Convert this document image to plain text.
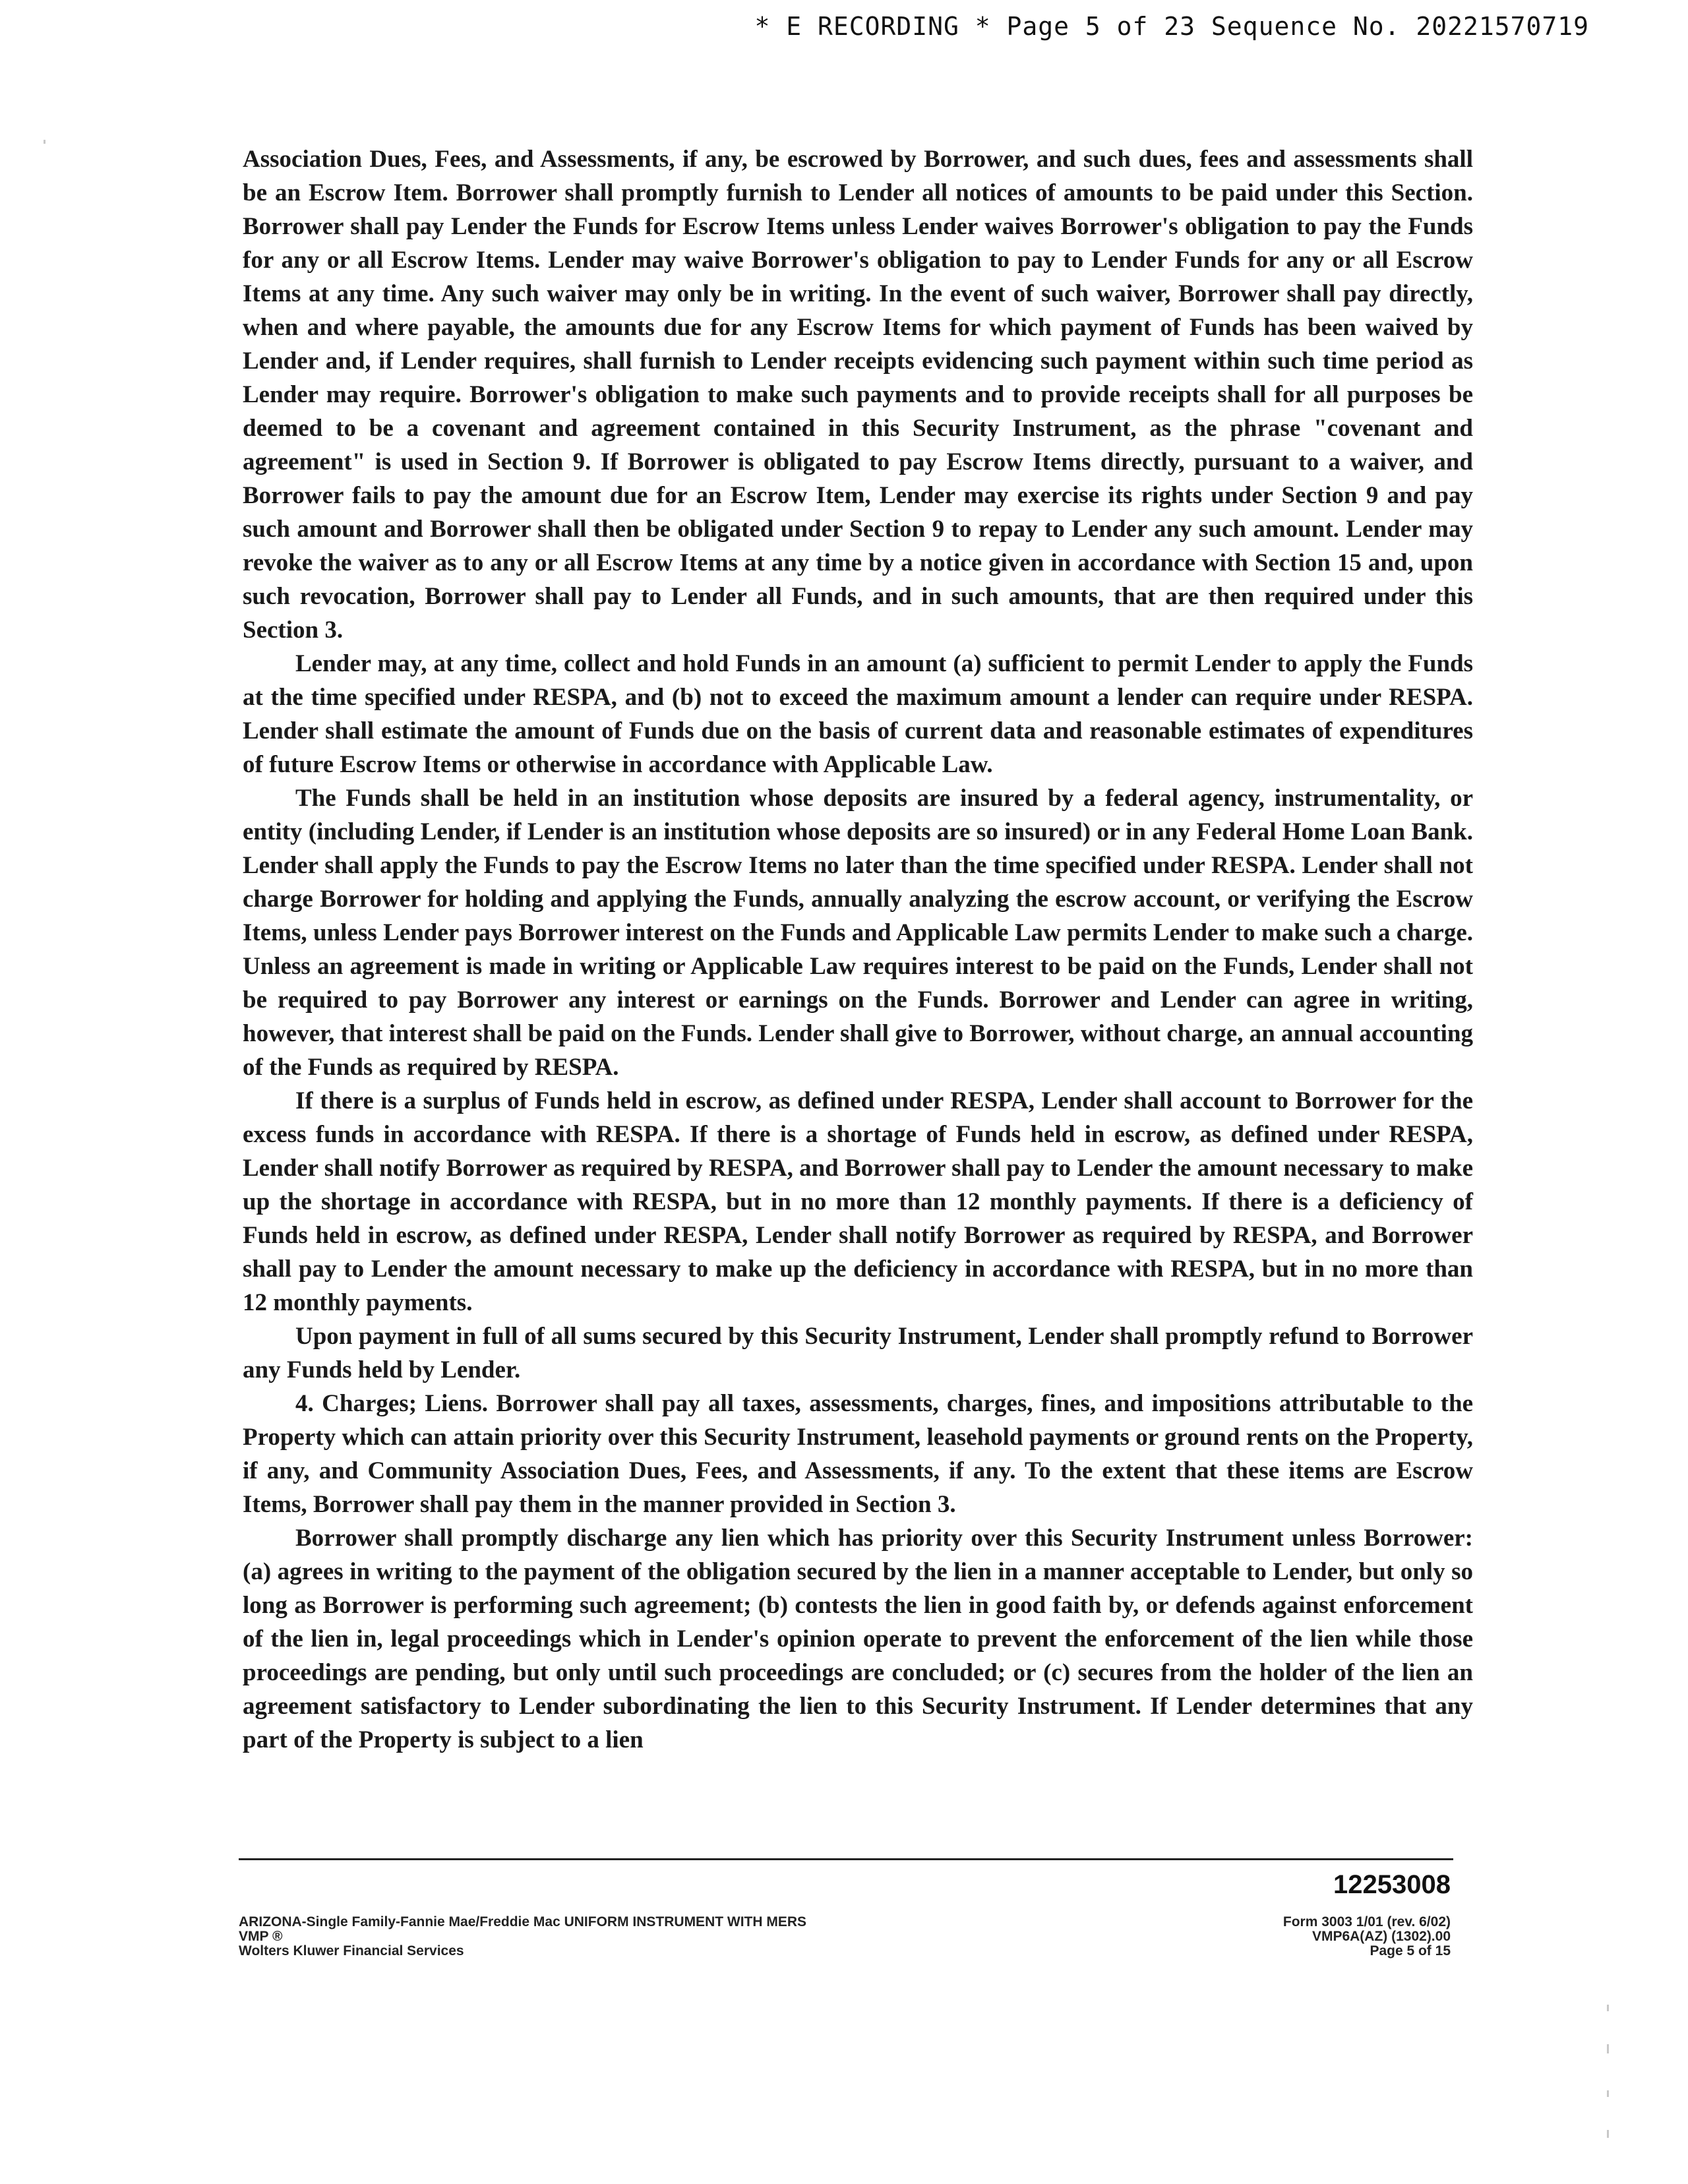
* E RECORDING * Page 5 of 23 Sequence No. 20221570719

Association Dues, Fees, and Assessments, if any, be escrowed by Borrower, and such dues, fees and assessments shall be an Escrow Item. Borrower shall promptly furnish to Lender all notices of amounts to be paid under this Section. Borrower shall pay Lender the Funds for Escrow Items unless Lender waives Borrower's obligation to pay the Funds for any or all Escrow Items. Lender may waive Borrower's obligation to pay to Lender Funds for any or all Escrow Items at any time. Any such waiver may only be in writing. In the event of such waiver, Borrower shall pay directly, when and where payable, the amounts due for any Escrow Items for which payment of Funds has been waived by Lender and, if Lender requires, shall furnish to Lender receipts evidencing such payment within such time period as Lender may require. Borrower's obligation to make such payments and to provide receipts shall for all purposes be deemed to be a covenant and agreement contained in this Security Instrument, as the phrase "covenant and agreement" is used in Section 9. If Borrower is obligated to pay Escrow Items directly, pursuant to a waiver, and Borrower fails to pay the amount due for an Escrow Item, Lender may exercise its rights under Section 9 and pay such amount and Borrower shall then be obligated under Section 9 to repay to Lender any such amount. Lender may revoke the waiver as to any or all Escrow Items at any time by a notice given in accordance with Section 15 and, upon such revocation, Borrower shall pay to Lender all Funds, and in such amounts, that are then required under this Section 3.

Lender may, at any time, collect and hold Funds in an amount (a) sufficient to permit Lender to apply the Funds at the time specified under RESPA, and (b) not to exceed the maximum amount a lender can require under RESPA. Lender shall estimate the amount of Funds due on the basis of current data and reasonable estimates of expenditures of future Escrow Items or otherwise in accordance with Applicable Law.

The Funds shall be held in an institution whose deposits are insured by a federal agency, instrumentality, or entity (including Lender, if Lender is an institution whose deposits are so insured) or in any Federal Home Loan Bank. Lender shall apply the Funds to pay the Escrow Items no later than the time specified under RESPA. Lender shall not charge Borrower for holding and applying the Funds, annually analyzing the escrow account, or verifying the Escrow Items, unless Lender pays Borrower interest on the Funds and Applicable Law permits Lender to make such a charge. Unless an agreement is made in writing or Applicable Law requires interest to be paid on the Funds, Lender shall not be required to pay Borrower any interest or earnings on the Funds. Borrower and Lender can agree in writing, however, that interest shall be paid on the Funds. Lender shall give to Borrower, without charge, an annual accounting of the Funds as required by RESPA.

If there is a surplus of Funds held in escrow, as defined under RESPA, Lender shall account to Borrower for the excess funds in accordance with RESPA. If there is a shortage of Funds held in escrow, as defined under RESPA, Lender shall notify Borrower as required by RESPA, and Borrower shall pay to Lender the amount necessary to make up the shortage in accordance with RESPA, but in no more than 12 monthly payments. If there is a deficiency of Funds held in escrow, as defined under RESPA, Lender shall notify Borrower as required by RESPA, and Borrower shall pay to Lender the amount necessary to make up the deficiency in accordance with RESPA, but in no more than 12 monthly payments.

Upon payment in full of all sums secured by this Security Instrument, Lender shall promptly refund to Borrower any Funds held by Lender.

4. Charges; Liens. Borrower shall pay all taxes, assessments, charges, fines, and impositions attributable to the Property which can attain priority over this Security Instrument, leasehold payments or ground rents on the Property, if any, and Community Association Dues, Fees, and Assessments, if any. To the extent that these items are Escrow Items, Borrower shall pay them in the manner provided in Section 3.

Borrower shall promptly discharge any lien which has priority over this Security Instrument unless Borrower: (a) agrees in writing to the payment of the obligation secured by the lien in a manner acceptable to Lender, but only so long as Borrower is performing such agreement; (b) contests the lien in good faith by, or defends against enforcement of the lien in, legal proceedings which in Lender's opinion operate to prevent the enforcement of the lien while those proceedings are pending, but only until such proceedings are concluded; or (c) secures from the holder of the lien an agreement satisfactory to Lender subordinating the lien to this Security Instrument. If Lender determines that any part of the Property is subject to a lien

12253008
ARIZONA-Single Family-Fannie Mae/Freddie Mac UNIFORM INSTRUMENT WITH MERS
VMP ®
Wolters Kluwer Financial Services
Form 3003 1/01 (rev. 6/02)
VMP6A(AZ) (1302).00
Page 5 of 15
